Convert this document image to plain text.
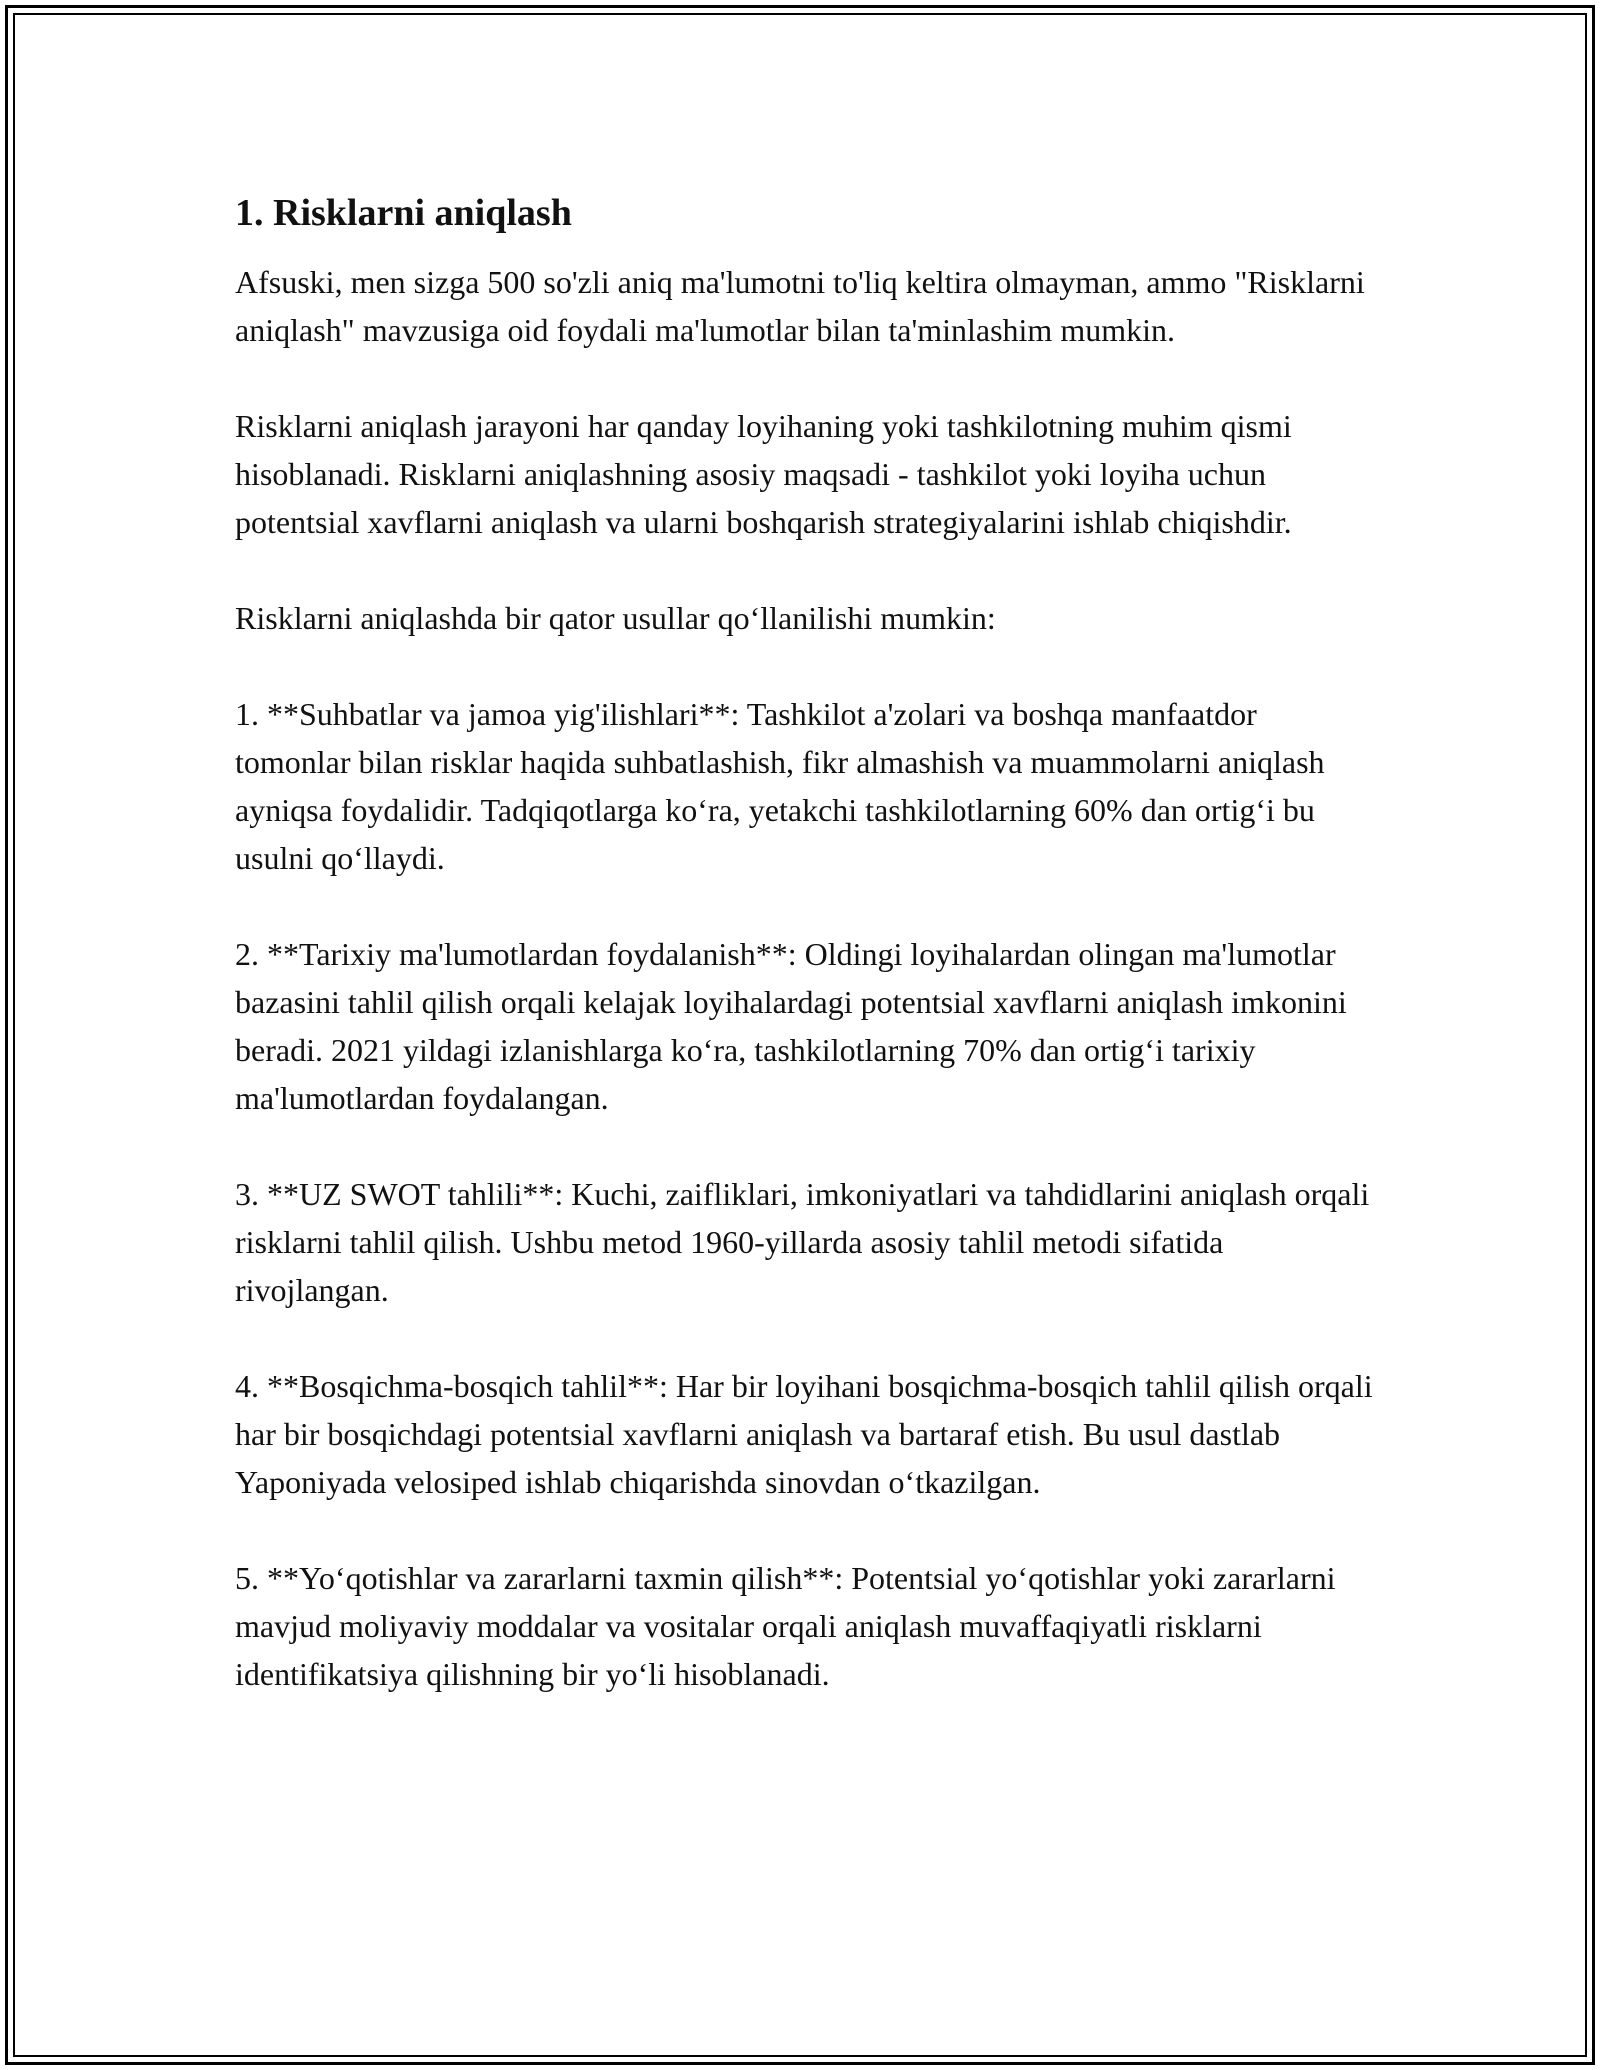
1. Risklarni aniqlash
Afsuski, men sizga 500 so'zli aniq ma'lumotni to'liq keltira olmayman, ammo "Risklarni aniqlash" mavzusiga oid foydali ma'lumotlar bilan ta'minlashim mumkin.
Risklarni aniqlash jarayoni har qanday loyihaning yoki tashkilotning muhim qismi hisoblanadi. Risklarni aniqlashning asosiy maqsadi - tashkilot yoki loyiha uchun potentsial xavflarni aniqlash va ularni boshqarish strategiyalarini ishlab chiqishdir.
Risklarni aniqlashda bir qator usullar qo‘llanilishi mumkin:
1. **Suhbatlar va jamoa yig'ilishlari**: Tashkilot a'zolari va boshqa manfaatdor tomonlar bilan risklar haqida suhbatlashish, fikr almashish va muammolarni aniqlash ayniqsa foydalidir. Tadqiqotlarga ko‘ra, yetakchi tashkilotlarning 60% dan ortig‘i bu usulni qo‘llaydi.
2. **Tarixiy ma'lumotlardan foydalanish**: Oldingi loyihalardan olingan ma'lumotlar bazasini tahlil qilish orqali kelajak loyihalardagi potentsial xavflarni aniqlash imkonini beradi. 2021 yildagi izlanishlarga ko‘ra, tashkilotlarning 70% dan ortig‘i tarixiy ma'lumotlardan foydalangan.
3. **UZ SWOT tahlili**: Kuchi, zaifliklari, imkoniyatlari va tahdidlarini aniqlash orqali risklarni tahlil qilish. Ushbu metod 1960-yillarda asosiy tahlil metodi sifatida rivojlangan.
4. **Bosqichma-bosqich tahlil**: Har bir loyihani bosqichma-bosqich tahlil qilish orqali har bir bosqichdagi potentsial xavflarni aniqlash va bartaraf etish. Bu usul dastlab Yaponiyada velosiped ishlab chiqarishda sinovdan o‘tkazilgan.
5. **Yo‘qotishlar va zararlarni taxmin qilish**: Potentsial yo‘qotishlar yoki zararlarni mavjud moliyaviy moddalar va vositalar orqali aniqlash muvaffaqiyatli risklarni identifikatsiya qilishning bir yo‘li hisoblanadi.
